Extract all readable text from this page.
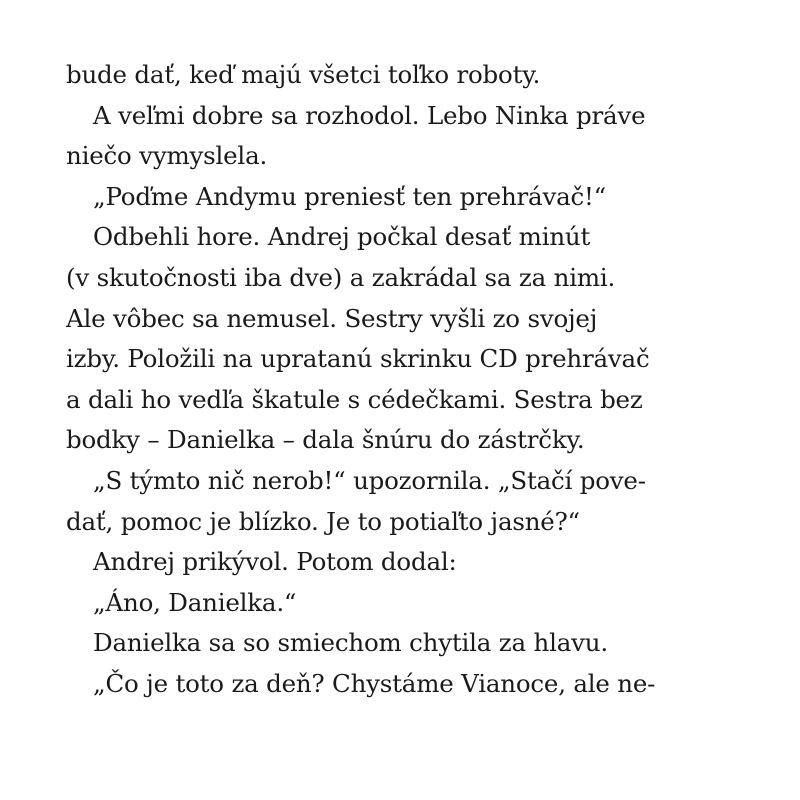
bude dať, keď majú všetci toľko roboty.
A veľmi dobre sa rozhodol. Lebo Ninka práve
niečo vymyslela.
„Poďme Andymu preniesť ten prehrávač!“
Odbehli hore. Andrej počkal desať minút
(v skutočnosti iba dve) a zakrádal sa za nimi.
Ale vôbec sa nemusel. Sestry vyšli zo svojej
izby. Položili na upratanú skrinku CD prehrávač
a dali ho vedľa škatule s cédečkami. Sestra bez
bodky – Danielka – dala šnúru do zástrčky.
„S týmto nič nerob!“ upozornila. „Stačí pove-
dať, pomoc je blízko. Je to potiaľto jasné?“
Andrej prikývol. Potom dodal:
„Áno, Danielka.“
Danielka sa so smiechom chytila za hlavu.
„Čo je toto za deň? Chystáme Vianoce, ale ne-
